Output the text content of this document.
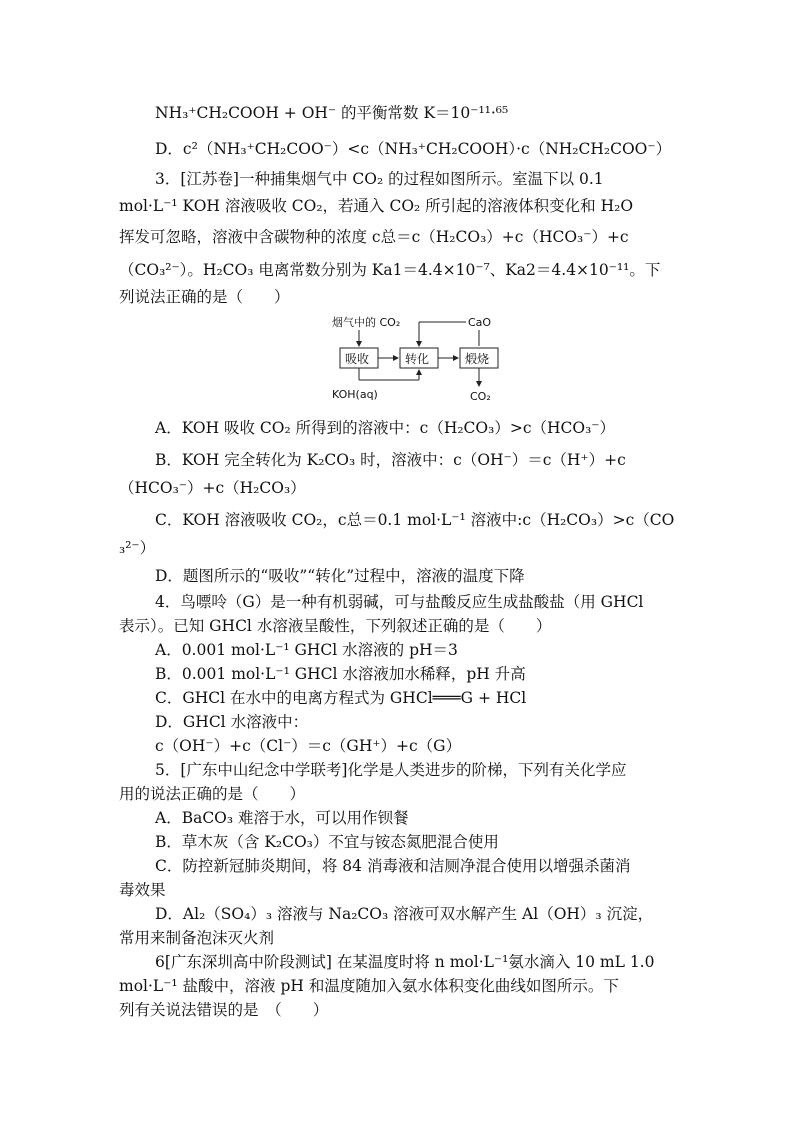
NH₃⁺CH₂COOH + OH⁻ 的平衡常数 K＝10⁻¹¹·⁶⁵
D．c²（NH₃⁺CH₂COO⁻）<c（NH₃⁺CH₂COOH）·c（NH₂CH₂COO⁻）
3．[江苏卷]一种捕集烟气中 CO₂ 的过程如图所示。室温下以 0.1
mol·L⁻¹ KOH 溶液吸收 CO₂，若通入 CO₂ 所引起的溶液体积变化和 H₂O
挥发可忽略，溶液中含碳物种的浓度 c总＝c（H₂CO₃）+c（HCO₃⁻）+c
（CO₃²⁻）。H₂CO₃ 电离常数分别为 Ka1＝4.4×10⁻⁷、Ka2＝4.4×10⁻¹¹。下
列说法正确的是（　　）
烟气中的 CO₂
吸收	转化	煅烧
CaO
CO₂
KOH(aq)
A．KOH 吸收 CO₂ 所得到的溶液中：c（H₂CO₃）>c（HCO₃⁻）
B．KOH 完全转化为 K₂CO₃ 时，溶液中：c（OH⁻）＝c（H⁺）+c
（HCO₃⁻）+c（H₂CO₃）
C．KOH 溶液吸收 CO₂，c总＝0.1 mol·L⁻¹ 溶液中:c（H₂CO₃）>c（CO
₃²⁻）
D．题图所示的“吸收”“转化”过程中，溶液的温度下降
4．鸟嘌呤（G）是一种有机弱碱，可与盐酸反应生成盐酸盐（用 GHCl
表示）。已知 GHCl 水溶液呈酸性，下列叙述正确的是（　　）
A．0.001 mol·L⁻¹ GHCl 水溶液的 pH＝3
B．0.001 mol·L⁻¹ GHCl 水溶液加水稀释，pH 升高
C．GHCl 在水中的电离方程式为 GHCl═══G + HCl
D．GHCl 水溶液中：
c（OH⁻）+c（Cl⁻）＝c（GH⁺）+c（G）
5．[广东中山纪念中学联考]化学是人类进步的阶梯，下列有关化学应
用的说法正确的是（　　）
A．BaCO₃ 难溶于水，可以用作钡餐
B．草木灰（含 K₂CO₃）不宜与铵态氮肥混合使用
C．防控新冠肺炎期间，将 84 消毒液和洁厕净混合使用以增强杀菌消
毒效果
D．Al₂（SO₄）₃ 溶液与 Na₂CO₃ 溶液可双水解产生 Al（OH）₃ 沉淀，
常用来制备泡沫灭火剂
6[广东深圳高中阶段测试] 在某温度时将 n mol·L⁻¹氨水滴入 10 mL 1.0
mol·L⁻¹ 盐酸中，溶液 pH 和温度随加入氨水体积变化曲线如图所示。下
列有关说法错误的是　（　　）
